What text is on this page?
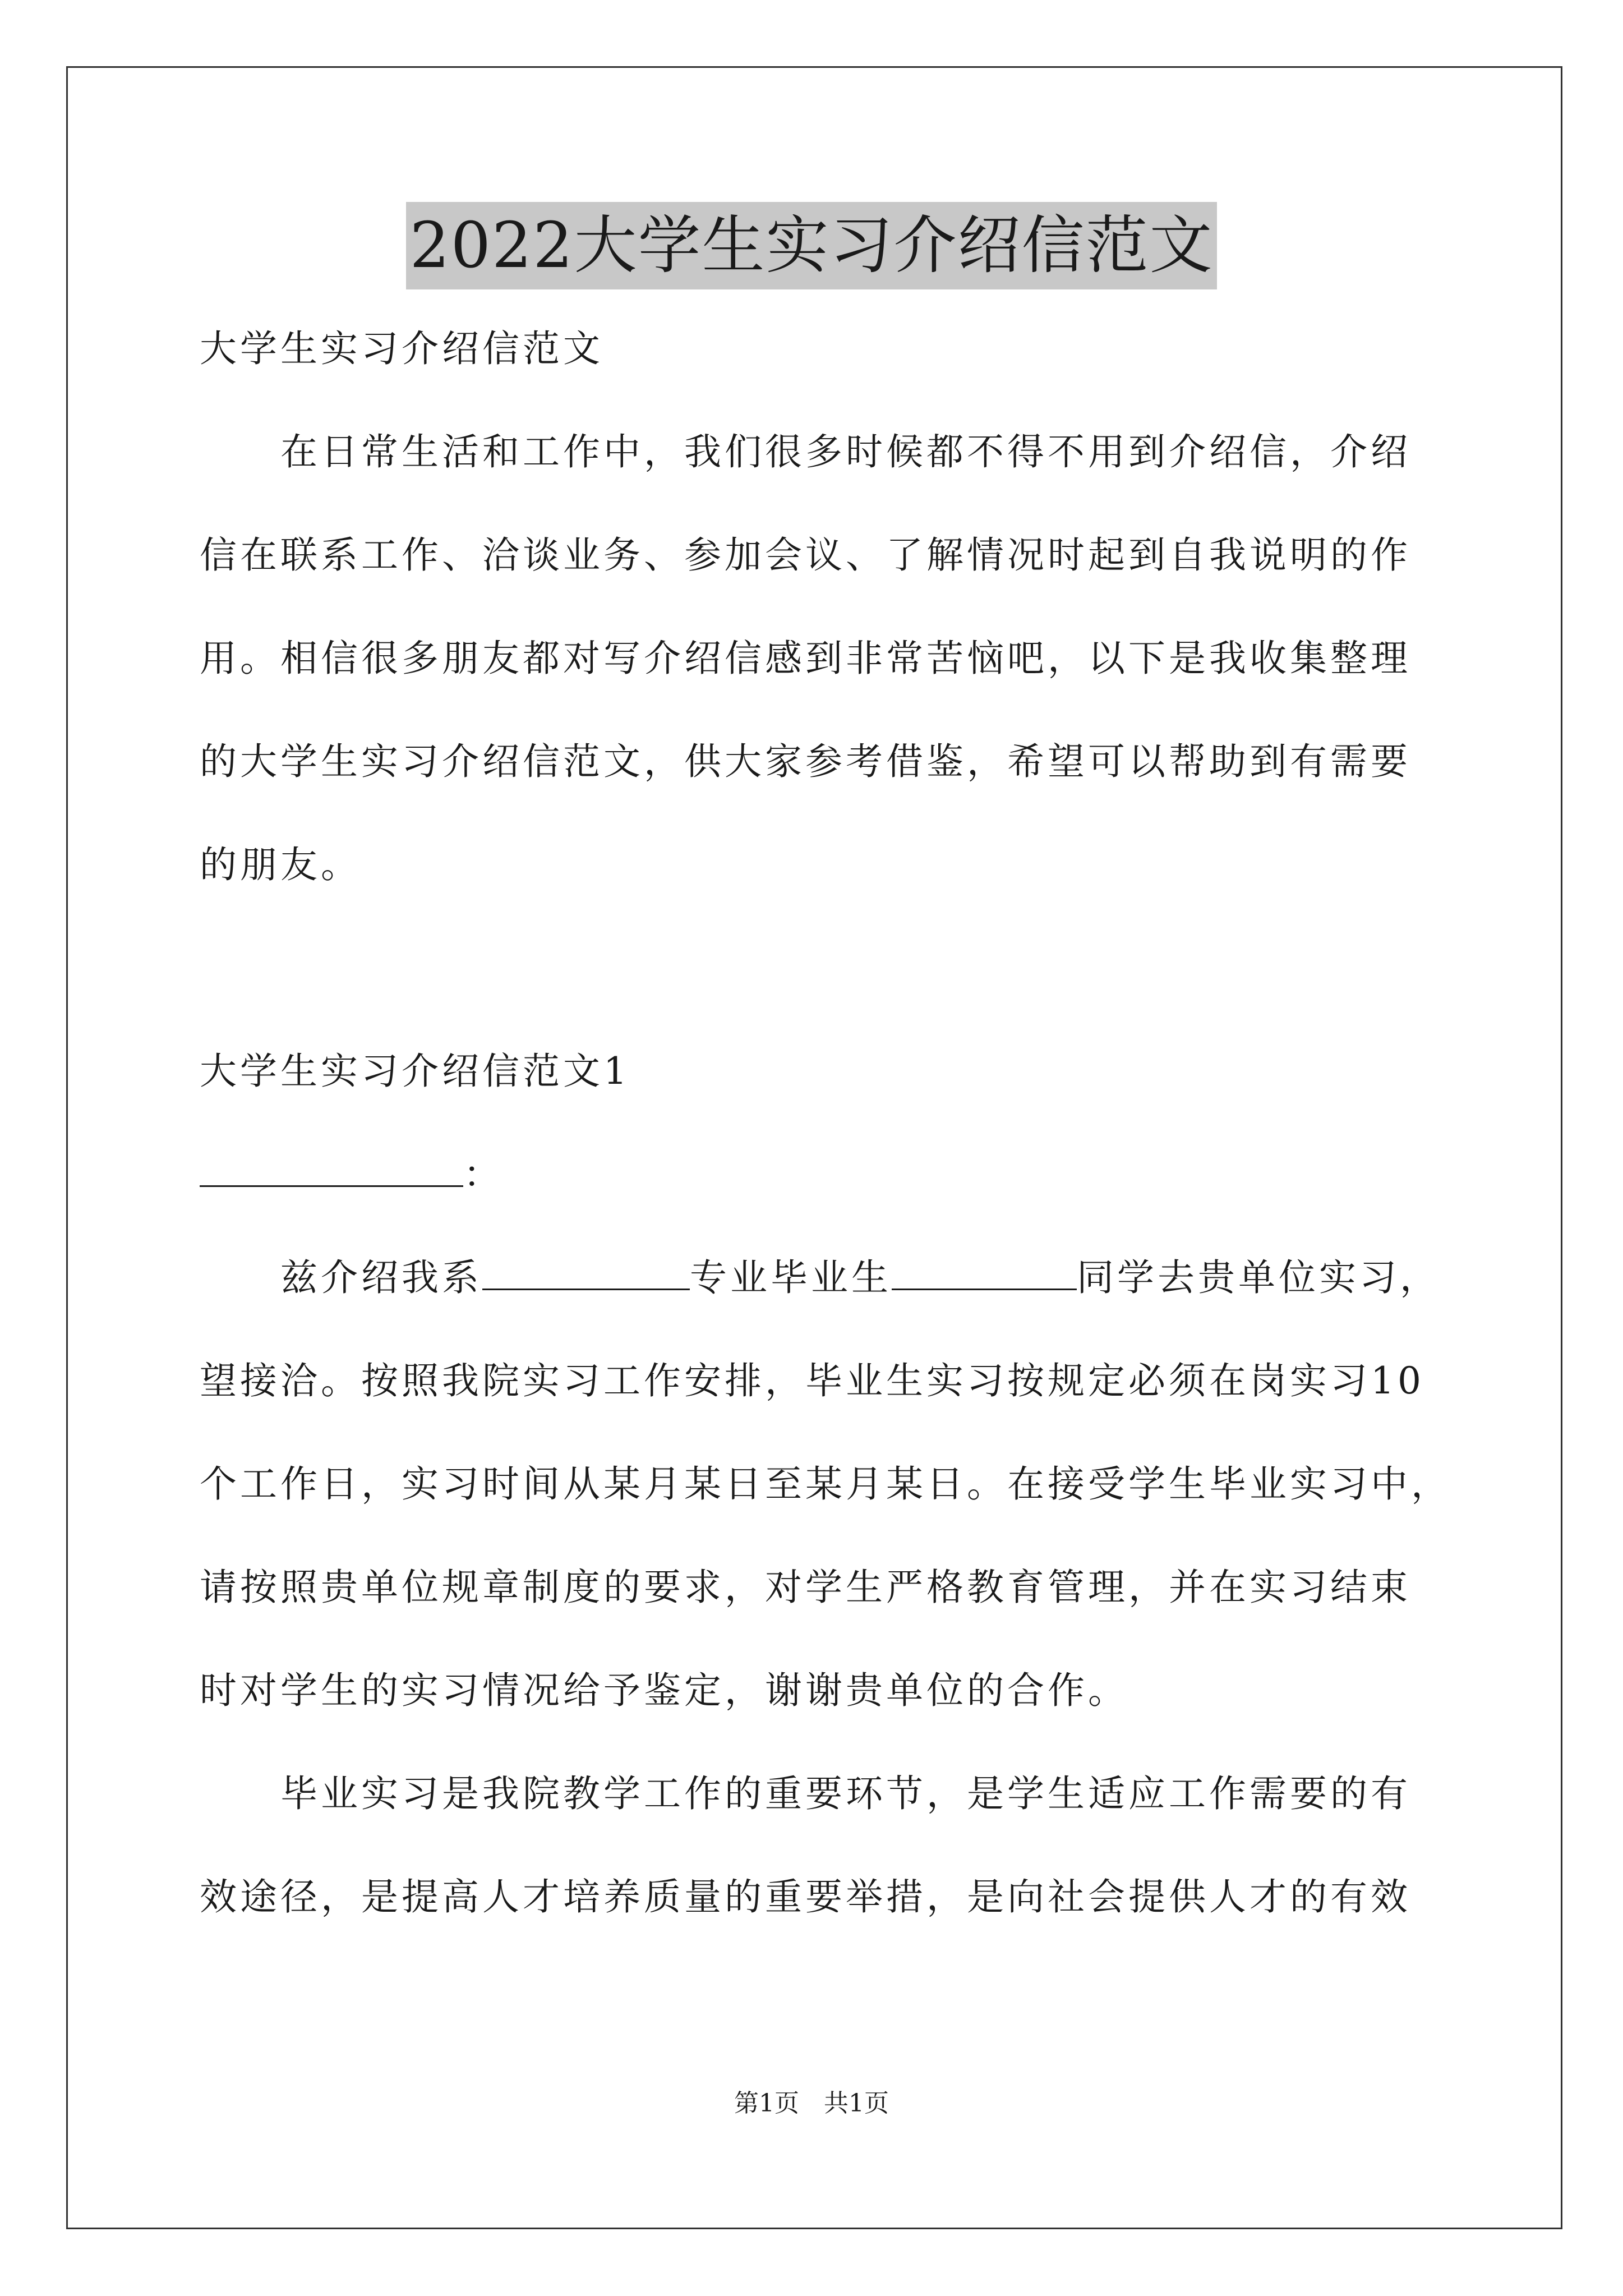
2022大学生实习介绍信范文
大学生实习介绍信范文
在日常生活和工作中，我们很多时候都不得不用到介绍信，介绍
信在联系工作、洽谈业务、参加会议、了解情况时起到自我说明的作
用。相信很多朋友都对写介绍信感到非常苦恼吧，以下是我收集整理
的大学生实习介绍信范文，供大家参考借鉴，希望可以帮助到有需要
的朋友。
大学生实习介绍信范文1
：
兹介绍我系	专业毕业生	同学去贵单位实习，
望接洽。按照我院实习工作安排，毕业生实习按规定必须在岗实习10
个工作日，实习时间从某月某日至某月某日。在接受学生毕业实习中，
请按照贵单位规章制度的要求，对学生严格教育管理，并在实习结束
时对学生的实习情况给予鉴定，谢谢贵单位的合作。
毕业实习是我院教学工作的重要环节，是学生适应工作需要的有
效途径，是提高人才培养质量的重要举措，是向社会提供人才的有效
第1页 共1页
